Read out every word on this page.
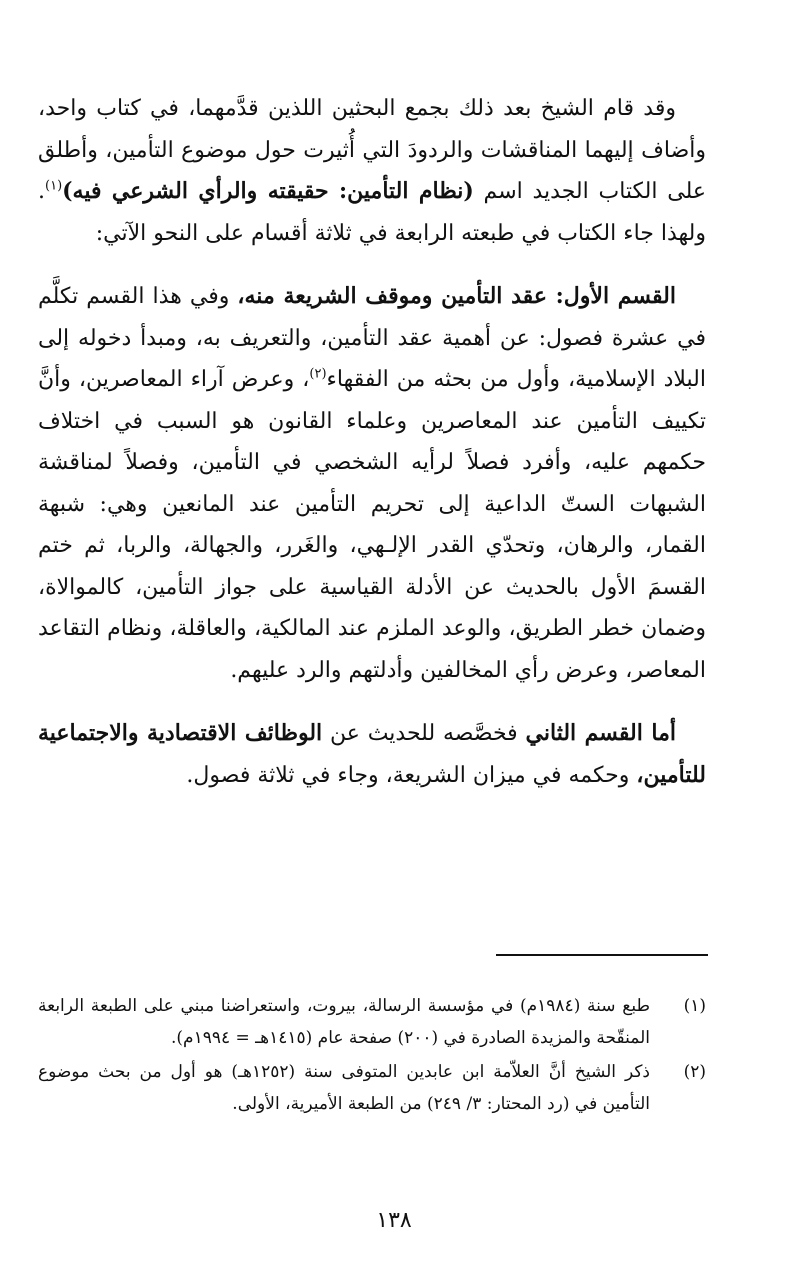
وقد قام الشيخ بعد ذلك بجمع البحثين اللذين قدَّمهما، في كتاب واحد، وأضاف إليهما المناقشات والردودَ التي أُثيرت حول موضوع التأمين، وأطلق على الكتاب الجديد اسم (نظام التأمين: حقيقته والرأي الشرعي فيه)$^{(١)}$. ولهذا جاء الكتاب في طبعته الرابعة في ثلاثة أقسام على النحو الآتي:

القسم الأول: عقد التأمين وموقف الشريعة منه، وفي هذا القسم تكلَّم في عشرة فصول: عن أهمية عقد التأمين، والتعريف به، ومبدأ دخوله إلى البلاد الإسلامية، وأول من بحثه من الفقهاء$^{(٢)}$، وعرض آراء المعاصرين، وأنَّ تكييف التأمين عند المعاصرين وعلماء القانون هو السبب في اختلاف حكمهم عليه، وأفرد فصلاً لرأيه الشخصي في التأمين، وفصلاً لمناقشة الشبهات الستّ الداعية إلى تحريم التأمين عند المانعين وهي: شبهة القمار، والرهان، وتحدّي القدر الإلـهي، والغَرر، والجهالة، والربا، ثم ختم القسمَ الأول بالحديث عن الأدلة القياسية على جواز التأمين، كالموالاة، وضمان خطر الطريق، والوعد الملزم عند المالكية، والعاقلة، ونظام التقاعد المعاصر، وعرض رأي المخالفين وأدلتهم والرد عليهم.

أما القسم الثاني فخصَّصه للحديث عن الوظائف الاقتصادية والاجتماعية للتأمين، وحكمه في ميزان الشريعة، وجاء في ثلاثة فصول.

(١)
طبع سنة (١٩٨٤م) في مؤسسة الرسالة، بيروت، واستعراضنا مبني على الطبعة الرابعة المنقّحة والمزيدة الصادرة في (٢٠٠) صفحة عام (١٤١٥هـ = ١٩٩٤م).
(٢)
ذكر الشيخ أنَّ العلاّمة ابن عابدين المتوفى سنة (١٢٥٢هـ) هو أول من بحث موضوع التأمين في (رد المحتار: ٣/ ٢٤٩) من الطبعة الأميرية، الأولى.
١٣٨
